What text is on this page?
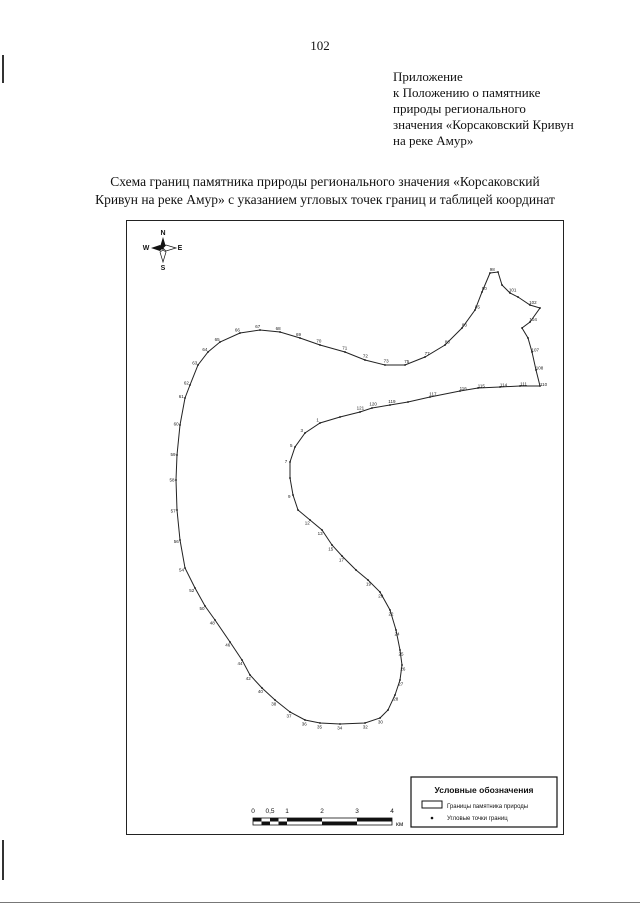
102
Приложение
к Положению о памятнике
природы регионального
значения «Корсаковский Кривун
на реке Амур»
Схема границ памятника природы регионального значения «Корсаковский
Кривун на реке Амур» с указанием угловых точек границ и таблицей координат
N
S
W	E
98
101
102
104
107
108
110
111
114
115
116
117
119
120
121
1
3
5
7
9
12
13
15
17
19
20
22
24
25
26
27
28
30
32
34
35
36
37
38
40
42
44
46
48
50
52
54
56
57
58
59
60
61
62
63
64
65
66
67	68
69
70
71
72
73	75
77
80
83
85
90
0 0,5 1	2	3	4
км
Условные обозначения
Границы памятника природы
Угловые точки границ
